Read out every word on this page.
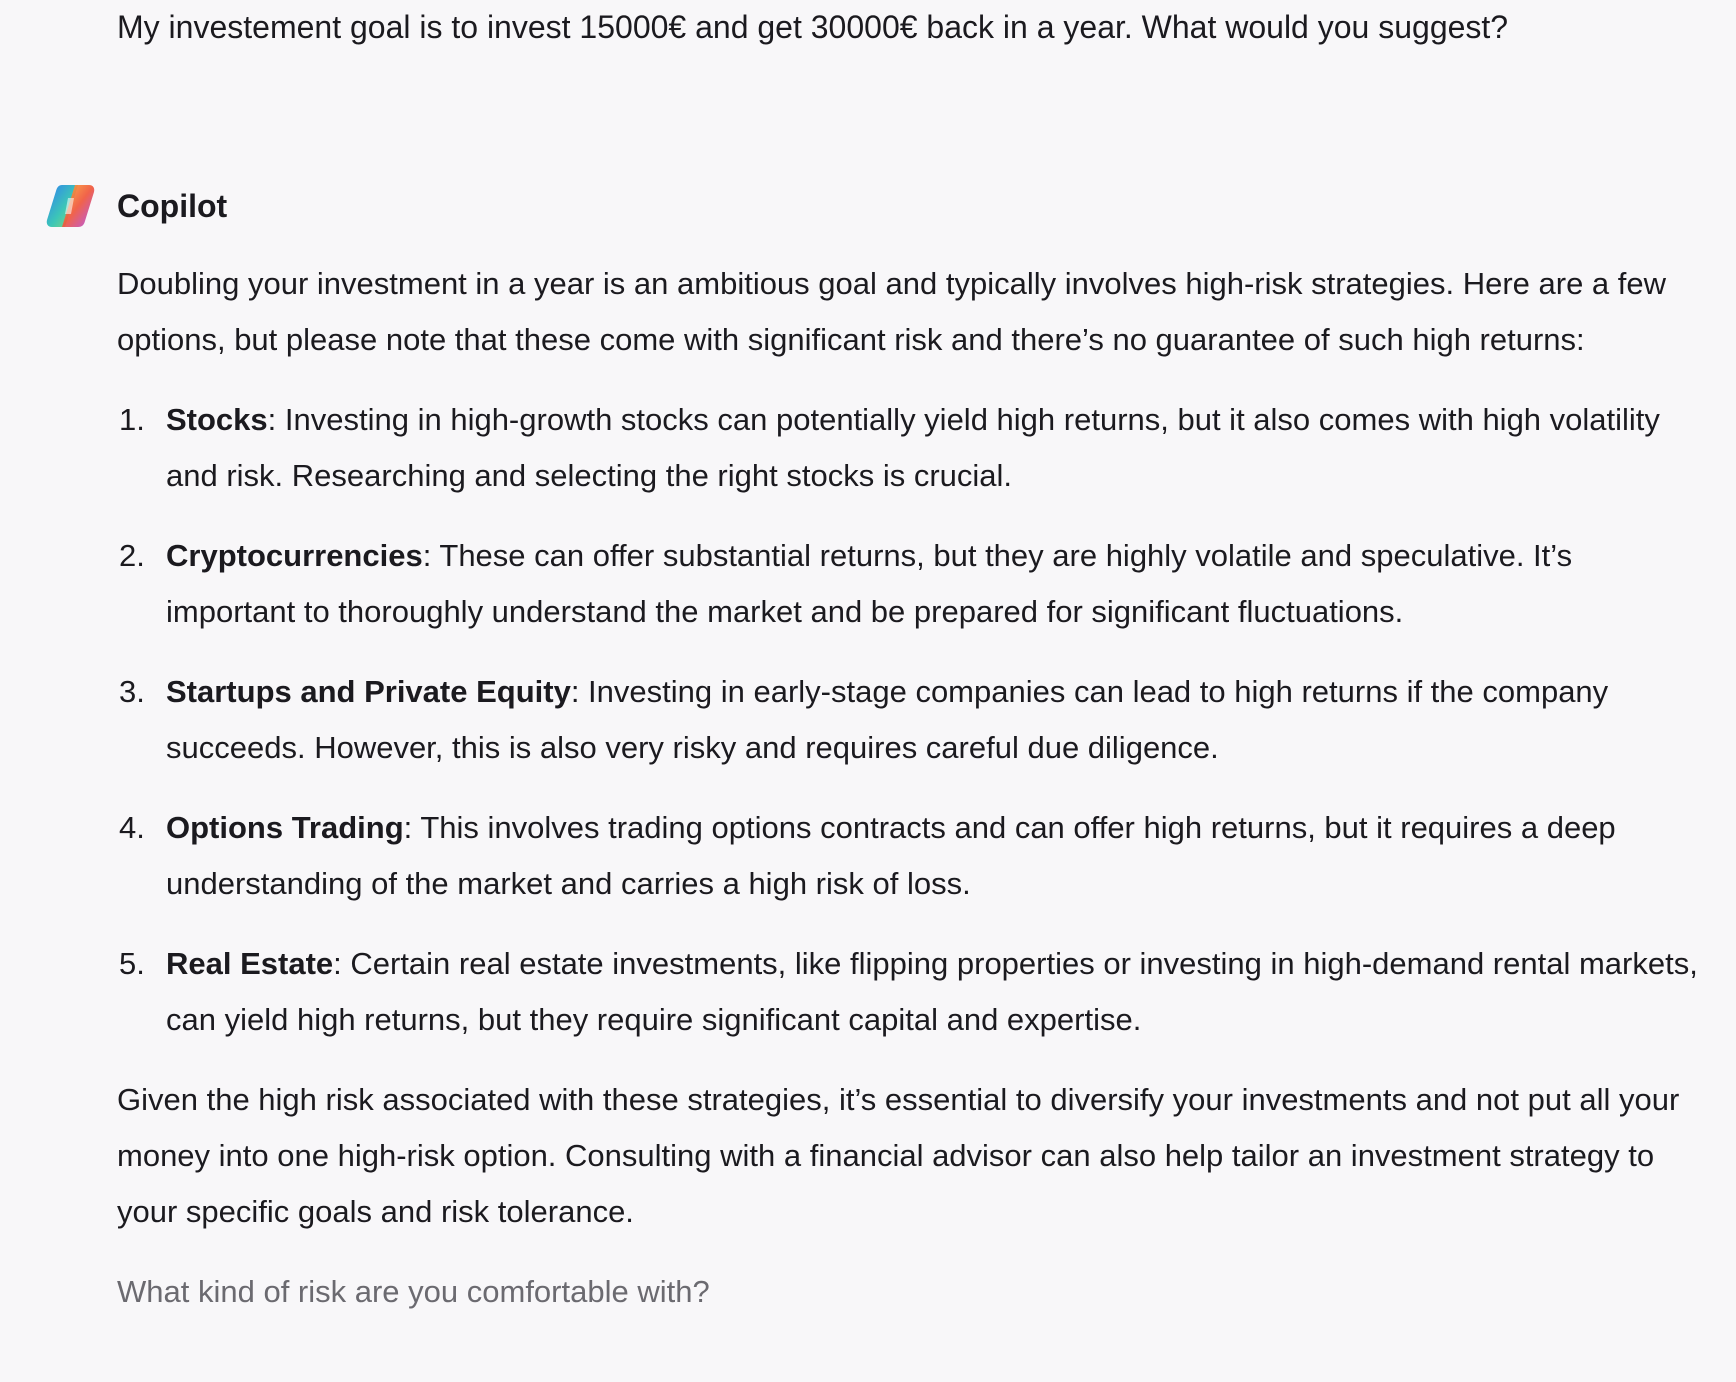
My investement goal is to invest 15000€ and get 30000€ back in a year. What would you suggest?
Copilot

Doubling your investment in a year is an ambitious goal and typically involves high-risk strategies. Here are a few options, but please note that these come with significant risk and there’s no guarantee of such high returns:

1. Stocks: Investing in high-growth stocks can potentially yield high returns, but it also comes with high volatility and risk. Researching and selecting the right stocks is crucial.
2. Cryptocurrencies: These can offer substantial returns, but they are highly volatile and speculative. It’s important to thoroughly understand the market and be prepared for significant fluctuations.
3. Startups and Private Equity: Investing in early-stage companies can lead to high returns if the company succeeds. However, this is also very risky and requires careful due diligence.
4. Options Trading: This involves trading options contracts and can offer high returns, but it requires a deep understanding of the market and carries a high risk of loss.
5. Real Estate: Certain real estate investments, like flipping properties or investing in high-demand rental markets, can yield high returns, but they require significant capital and expertise.

Given the high risk associated with these strategies, it’s essential to diversify your investments and not put all your money into one high-risk option. Consulting with a financial advisor can also help tailor an investment strategy to your specific goals and risk tolerance.

What kind of risk are you comfortable with?
